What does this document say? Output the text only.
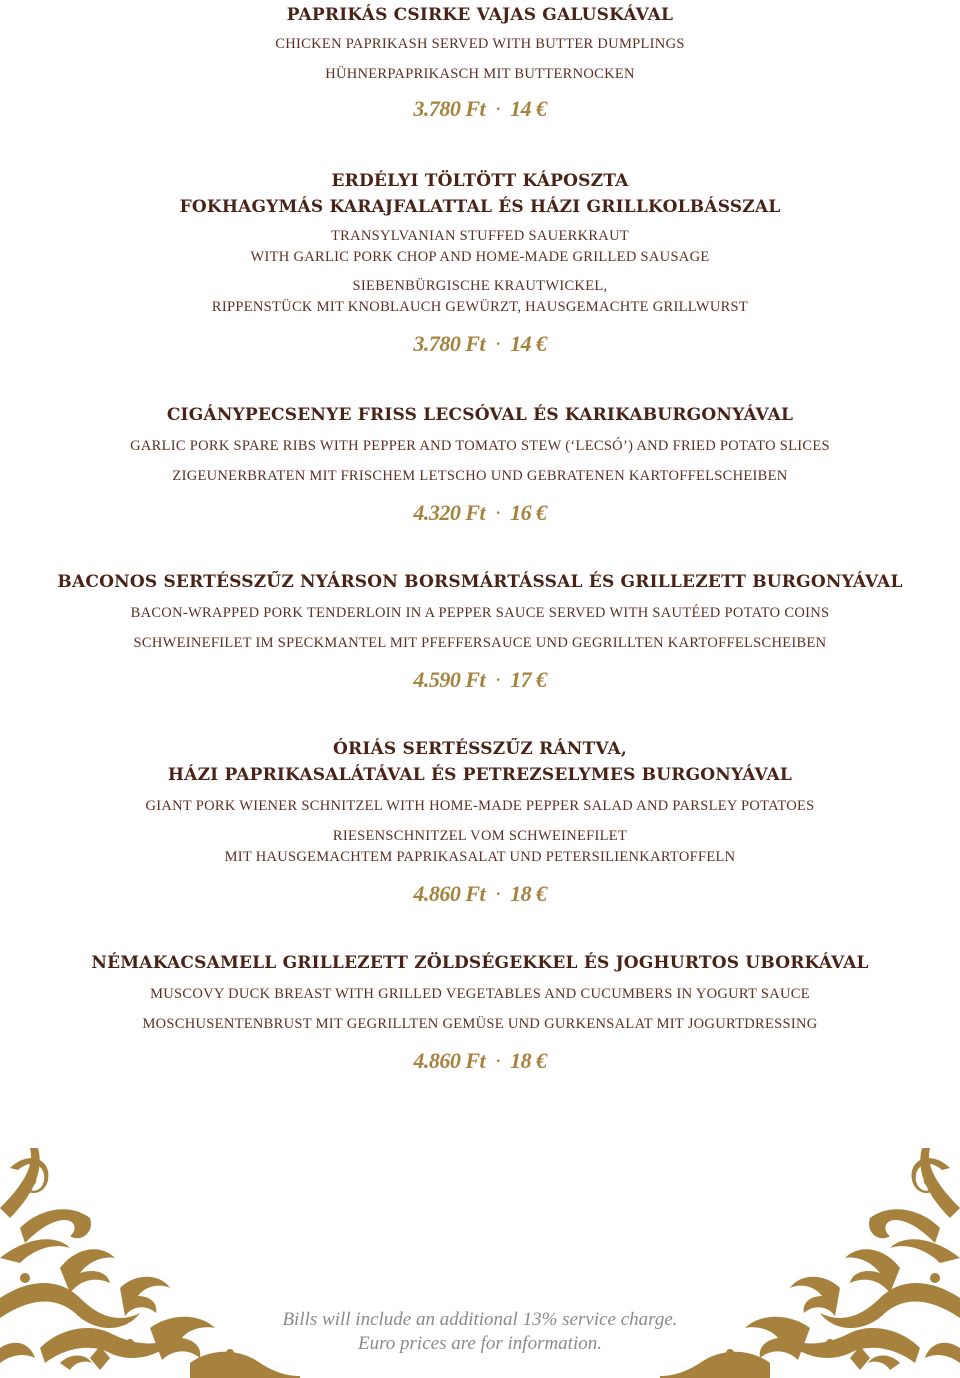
PAPRIKÁS CSIRKE VAJAS GALUSKÁVAL

CHICKEN PAPRIKASH SERVED WITH BUTTER DUMPLINGS

HÜHNERPAPRIKASCH MIT BUTTERNOCKEN

3.780 Ft · 14 €

ERDÉLYI TÖLTÖTT KÁPOSZTA
FOKHAGYMÁS KARAJFALATTAL ÉS HÁZI GRILLKOLBÁSSZAL

TRANSYLVANIAN STUFFED SAUERKRAUT
WITH GARLIC PORK CHOP AND HOME-MADE GRILLED SAUSAGE

SIEBENBÜRGISCHE KRAUTWICKEL,
RIPPENSTÜCK MIT KNOBLAUCH GEWÜRZT, HAUSGEMACHTE GRILLWURST

3.780 Ft · 14 €

CIGÁNYPECSENYE FRISS LECSÓVAL ÉS KARIKABURGONYÁVAL

GARLIC PORK SPARE RIBS WITH PEPPER AND TOMATO STEW (‘LECSÓ’) AND FRIED POTATO SLICES

ZIGEUNERBRATEN MIT FRISCHEM LETSCHO UND GEBRATENEN KARTOFFELSCHEIBEN

4.320 Ft · 16 €

BACONOS SERTÉSSZŰZ NYÁRSON BORSMÁRTÁSSAL ÉS GRILLEZETT BURGONYÁVAL

BACON-WRAPPED PORK TENDERLOIN IN A PEPPER SAUCE SERVED WITH SAUTÉED POTATO COINS

SCHWEINEFILET IM SPECKMANTEL MIT PFEFFERSAUCE UND GEGRILLTEN KARTOFFELSCHEIBEN

4.590 Ft · 17 €

ÓRIÁS SERTÉSSZŰZ RÁNTVA,
HÁZI PAPRIKASALÁTÁVAL ÉS PETREZSELYMES BURGONYÁVAL

GIANT PORK WIENER SCHNITZEL WITH HOME-MADE PEPPER SALAD AND PARSLEY POTATOES

RIESENSCHNITZEL VOM SCHWEINEFILET
MIT HAUSGEMACHTEM PAPRIKASALAT UND PETERSILIENKARTOFFELN

4.860 Ft · 18 €

NÉMAKACSAMELL GRILLEZETT ZÖLDSÉGEKKEL ÉS JOGHURTOS UBORKÁVAL

MUSCOVY DUCK BREAST WITH GRILLED VEGETABLES AND CUCUMBERS IN YOGURT SAUCE

MOSCHUSENTENBRUST MIT GEGRILLTEN GEMÜSE UND GURKENSALAT MIT JOGURTDRESSING

4.860 Ft · 18 €

Bills will include an additional 13% service charge.
Euro prices are for information.
